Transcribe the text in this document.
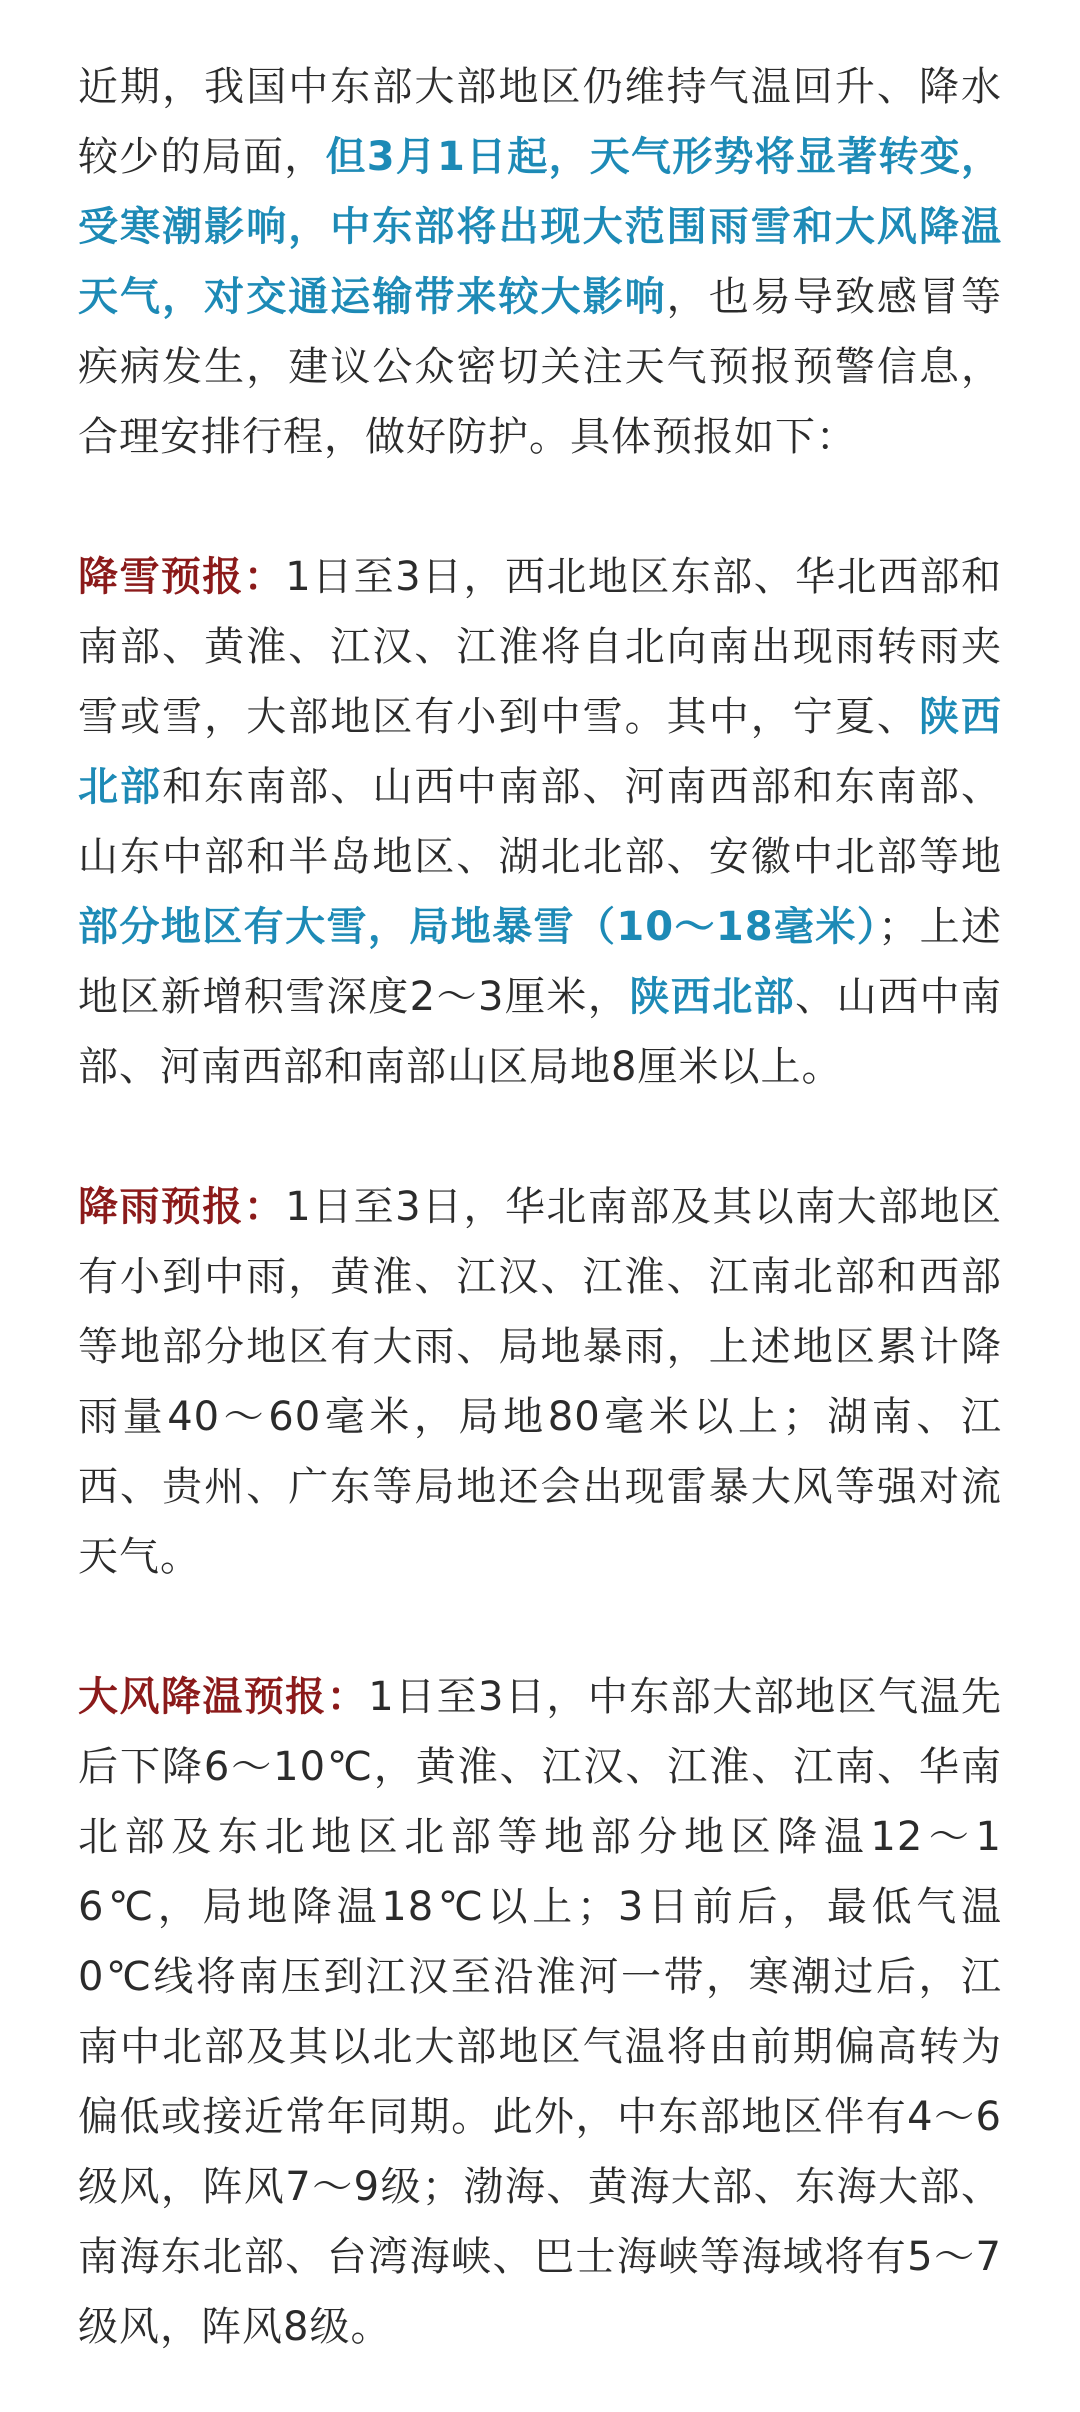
近期，我国中东部大部地区仍维持气温回升、降水较少的局面，但3月1日起，天气形势将显著转变，受寒潮影响，中东部将出现大范围雨雪和大风降温天气，对交通运输带来较大影响，也易导致感冒等疾病发生，建议公众密切关注天气预报预警信息，合理安排行程，做好防护。具体预报如下：

降雪预报：1日至3日，西北地区东部、华北西部和南部、黄淮、江汉、江淮将自北向南出现雨转雨夹雪或雪，大部地区有小到中雪。其中，宁夏、陕西北部和东南部、山西中南部、河南西部和东南部、山东中部和半岛地区、湖北北部、安徽中北部等地部分地区有大雪，局地暴雪（10～18毫米）；上述地区新增积雪深度2～3厘米，陕西北部、山西中南部、河南西部和南部山区局地8厘米以上。

降雨预报：1日至3日，华北南部及其以南大部地区有小到中雨，黄淮、江汉、江淮、江南北部和西部等地部分地区有大雨、局地暴雨，上述地区累计降雨量40～60毫米，局地80毫米以上；湖南、江西、贵州、广东等局地还会出现雷暴大风等强对流天气。

大风降温预报：1日至3日，中东部大部地区气温先后下降6～10℃，黄淮、江汉、江淮、江南、华南北部及东北地区北部等地部分地区降温12～16℃，局地降温18℃以上；3日前后，最低气温0℃线将南压到江汉至沿淮河一带，寒潮过后，江南中北部及其以北大部地区气温将由前期偏高转为偏低或接近常年同期。此外，中东部地区伴有4～6级风，阵风7～9级；渤海、黄海大部、东海大部、南海东北部、台湾海峡、巴士海峡等海域将有5～7级风，阵风8级。
